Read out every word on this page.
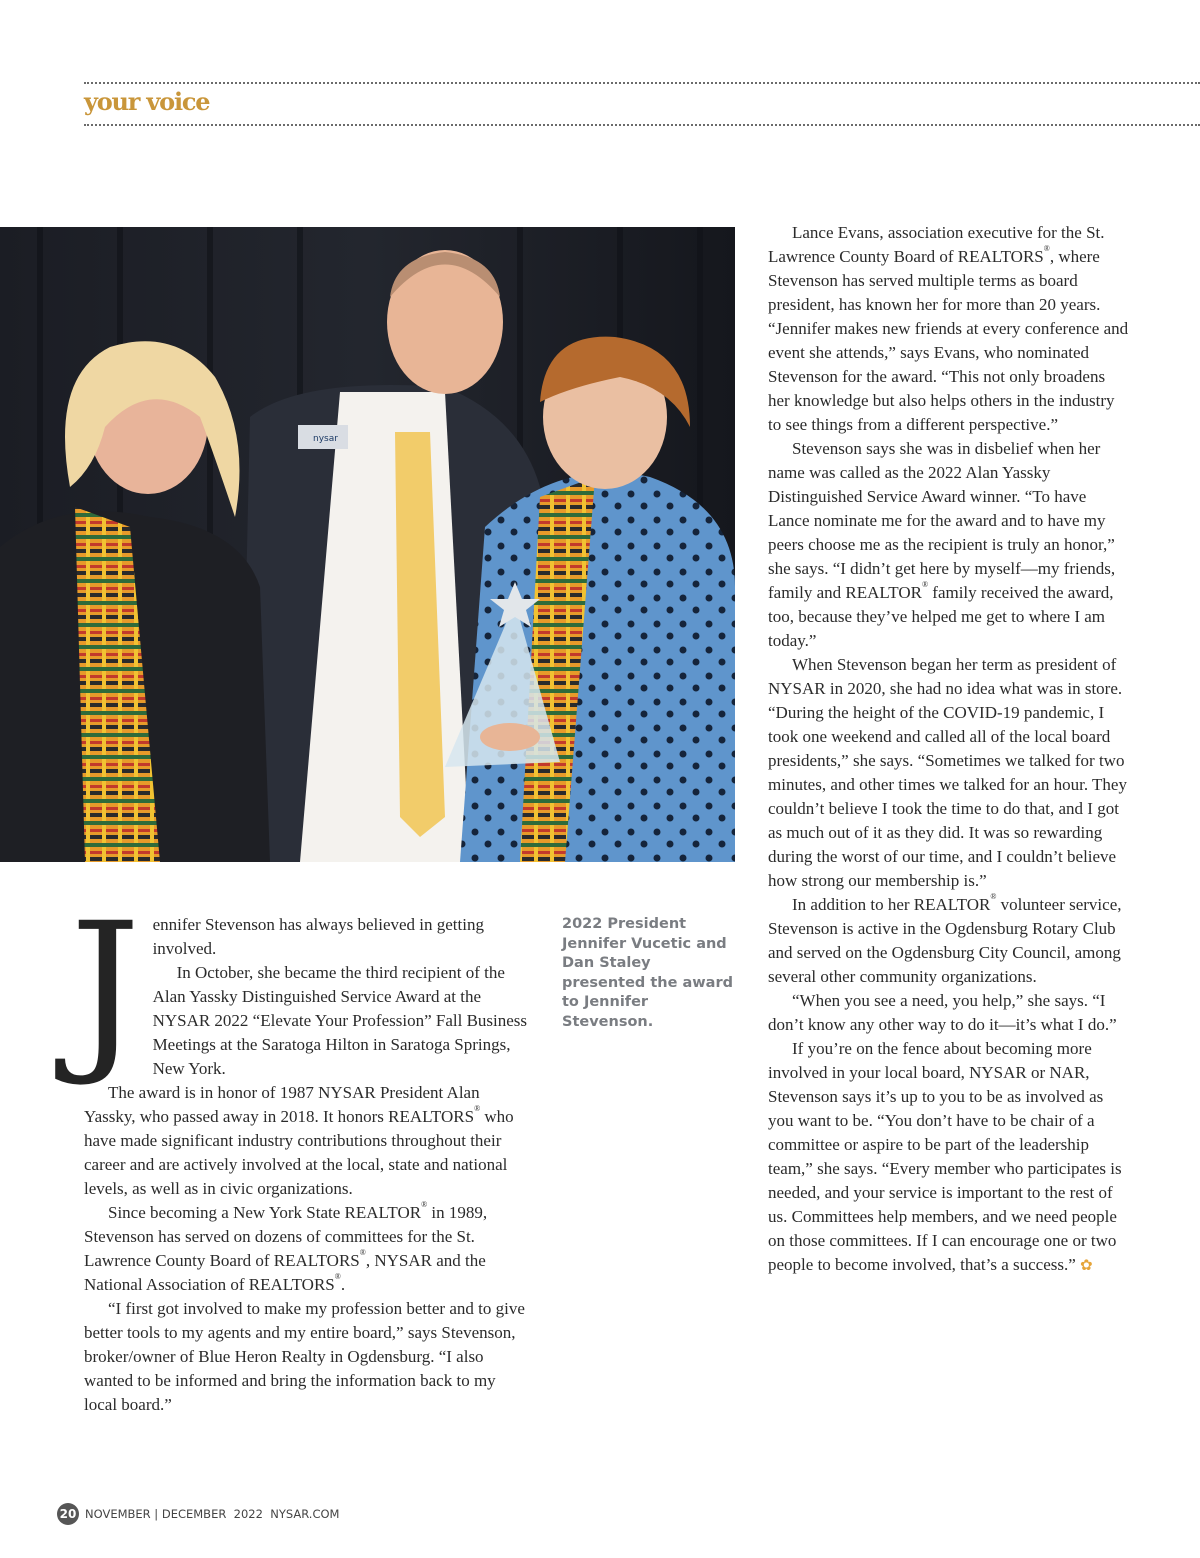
your voice
nysar
2022 President Jennifer Vucetic and Dan Staley presented the award to Jennifer Stevenson.

J ennifer Stevenson has always believed in getting involved.

In October, she became the third recipient of the Alan Yassky Distinguished Service Award at the NYSAR 2022 “Elevate Your Profession” Fall Business Meetings at the Saratoga Hilton in Saratoga Springs, New York.

The award is in honor of 1987 NYSAR President Alan Yassky, who passed away in 2018. It honors REALTORS® who have made significant industry contributions throughout their career and are actively involved at the local, state and national levels, as well as in civic organizations.

Since becoming a New York State REALTOR® in 1989, Stevenson has served on dozens of committees for the St. Lawrence County Board of REALTORS®, NYSAR and the National Association of REALTORS®.

“I first got involved to make my profession better and to give better tools to my agents and my entire board,” says Stevenson, broker/owner of Blue Heron Realty in Ogdensburg. “I also wanted to be informed and bring the information back to my local board.”

Lance Evans, association executive for the St. Lawrence County Board of REALTORS®, where Stevenson has served multiple terms as board president, has known her for more than 20 years. “Jennifer makes new friends at every conference and event she attends,” says Evans, who nominated Stevenson for the award. “This not only broadens her knowledge but also helps others in the industry to see things from a different perspective.”

Stevenson says she was in disbelief when her name was called as the 2022 Alan Yassky Distinguished Service Award winner. “To have Lance nominate me for the award and to have my peers choose me as the recipient is truly an honor,” she says. “I didn’t get here by myself—my friends, family and REALTOR® family received the award, too, because they’ve helped me get to where I am today.”

When Stevenson began her term as president of NYSAR in 2020, she had no idea what was in store. “During the height of the COVID-19 pandemic, I took one weekend and called all of the local board presidents,” she says. “Sometimes we talked for two minutes, and other times we talked for an hour. They couldn’t believe I took the time to do that, and I got as much out of it as they did. It was so rewarding during the worst of our time, and I couldn’t believe how strong our membership is.”

In addition to her REALTOR® volunteer service, Stevenson is active in the Ogdensburg Rotary Club and served on the Ogdensburg City Council, among several other community organizations.

“When you see a need, you help,” she says. “I don’t know any other way to do it—it’s what I do.”

If you’re on the fence about becoming more involved in your local board, NYSAR or NAR, Stevenson says it’s up to you to be as involved as you want to be. “You don’t have to be chair of a committee or aspire to be part of the leadership team,” she says. “Every member who participates is needed, and your service is important to the rest of us. Committees help members, and we need people on those committees. If I can encourage one or two people to become involved, that’s a success.” ✿

20 NOVEMBER | DECEMBER  2022
NYSAR.COM
